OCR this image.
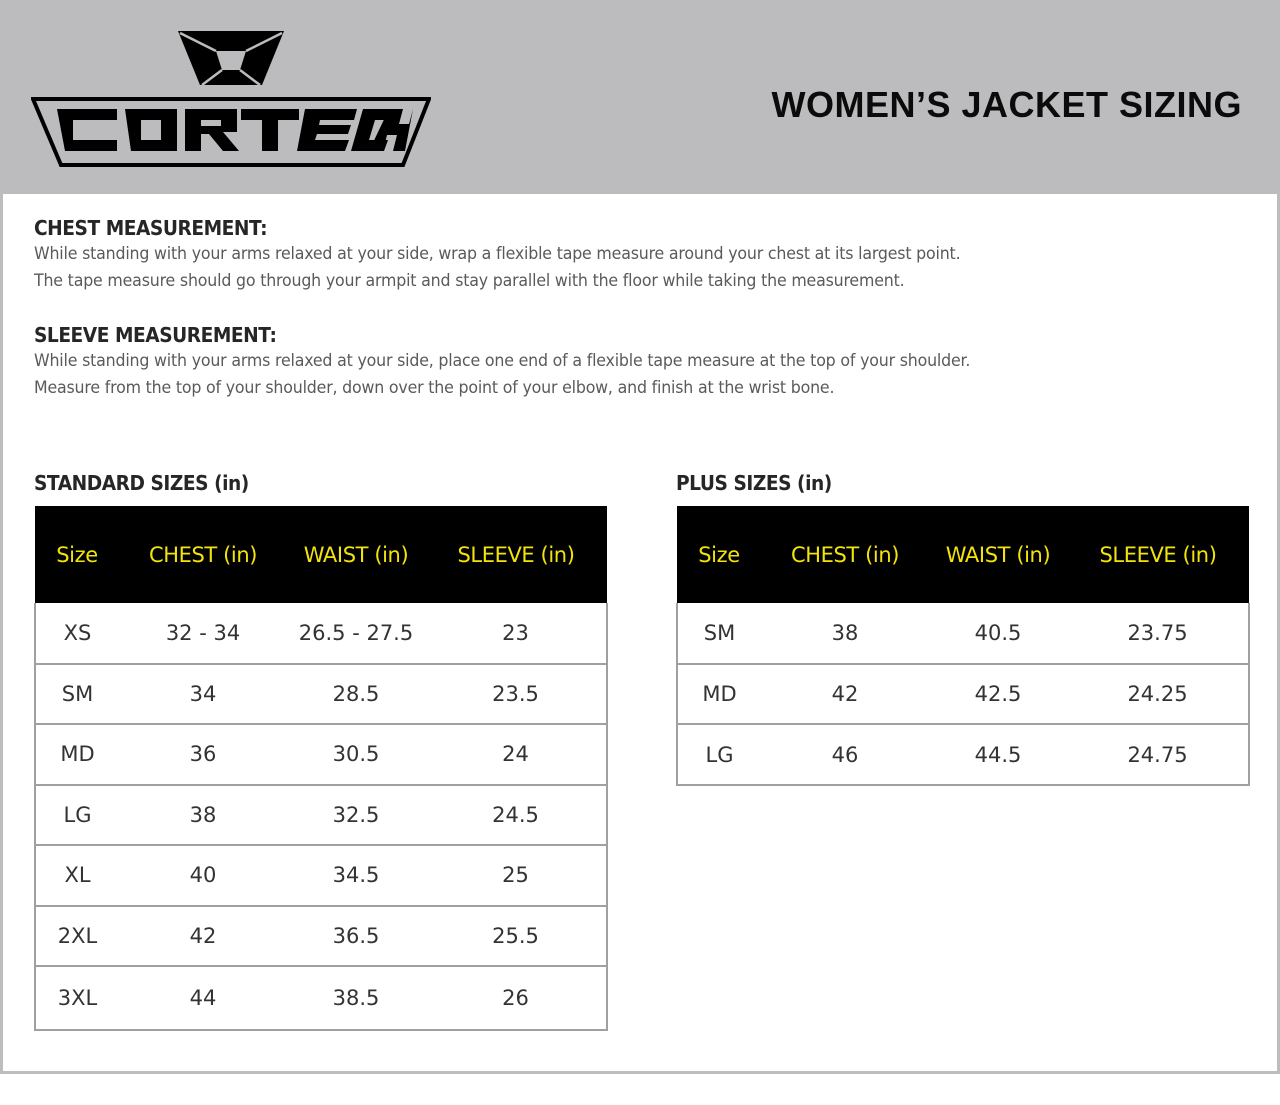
WOMEN’S JACKET SIZING
CHEST MEASUREMENT:

While standing with your arms relaxed at your side, wrap a flexible tape measure around your chest at its largest point.

The tape measure should go through your armpit and stay parallel with the floor while taking the measurement.

SLEEVE MEASUREMENT:

While standing with your arms relaxed at your side, place one end of a flexible tape measure at the top of your shoulder.

Measure from the top of your shoulder, down over the point of your elbow, and finish at the wrist bone.

STANDARD SIZES (in)
Size	CHEST (in)	WAIST (in)	SLEEVE (in)
XS	32 - 34	26.5 - 27.5	23
SM	34	28.5	23.5
MD	36	30.5	24
LG	38	32.5	24.5
XL	40	34.5	25
2XL	42	36.5	25.5
3XL	44	38.5	26
PLUS SIZES (in)
Size	CHEST (in)	WAIST (in)	SLEEVE (in)
SM	38	40.5	23.75
MD	42	42.5	24.25
LG	46	44.5	24.75
